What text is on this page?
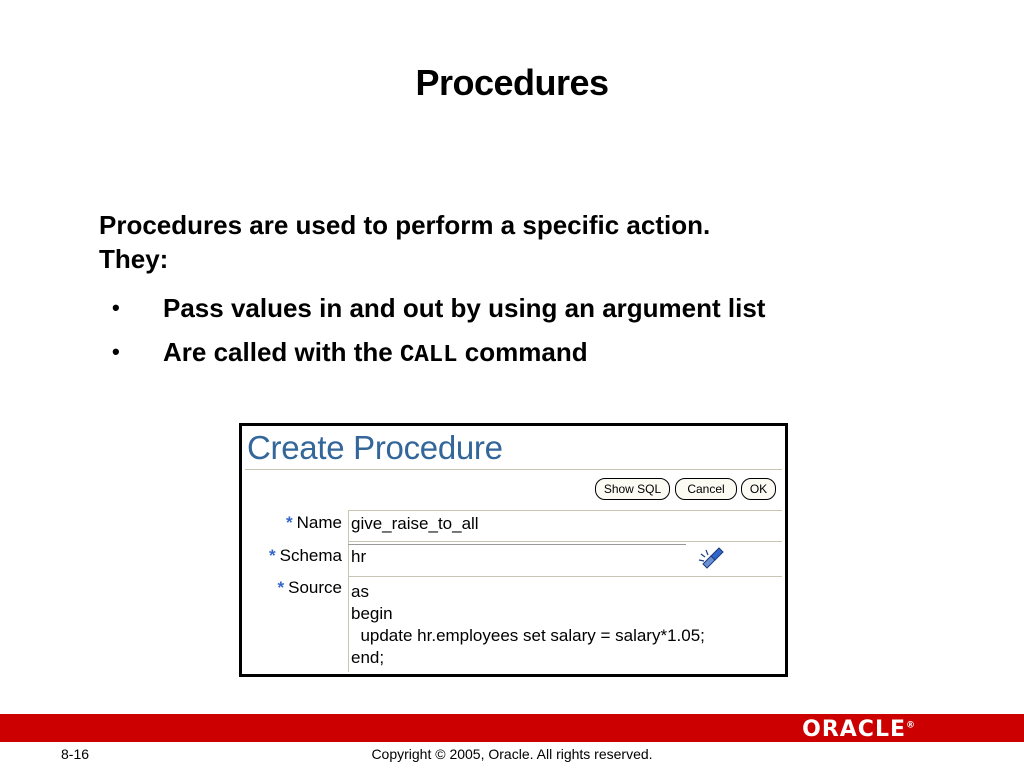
Procedures
Procedures are used to perform a specific action.
They:
• Pass values in and out by using an argument list
• Are called with the CALL command
Create Procedure
Show SQL	Cancel	OK
* Name give_raise_to_all
* Schema hr
* Source as
begin
update hr.employees set salary = salary*1.05;
end;
ORACLE®
8-16	Copyright © 2005, Oracle. All rights reserved.
